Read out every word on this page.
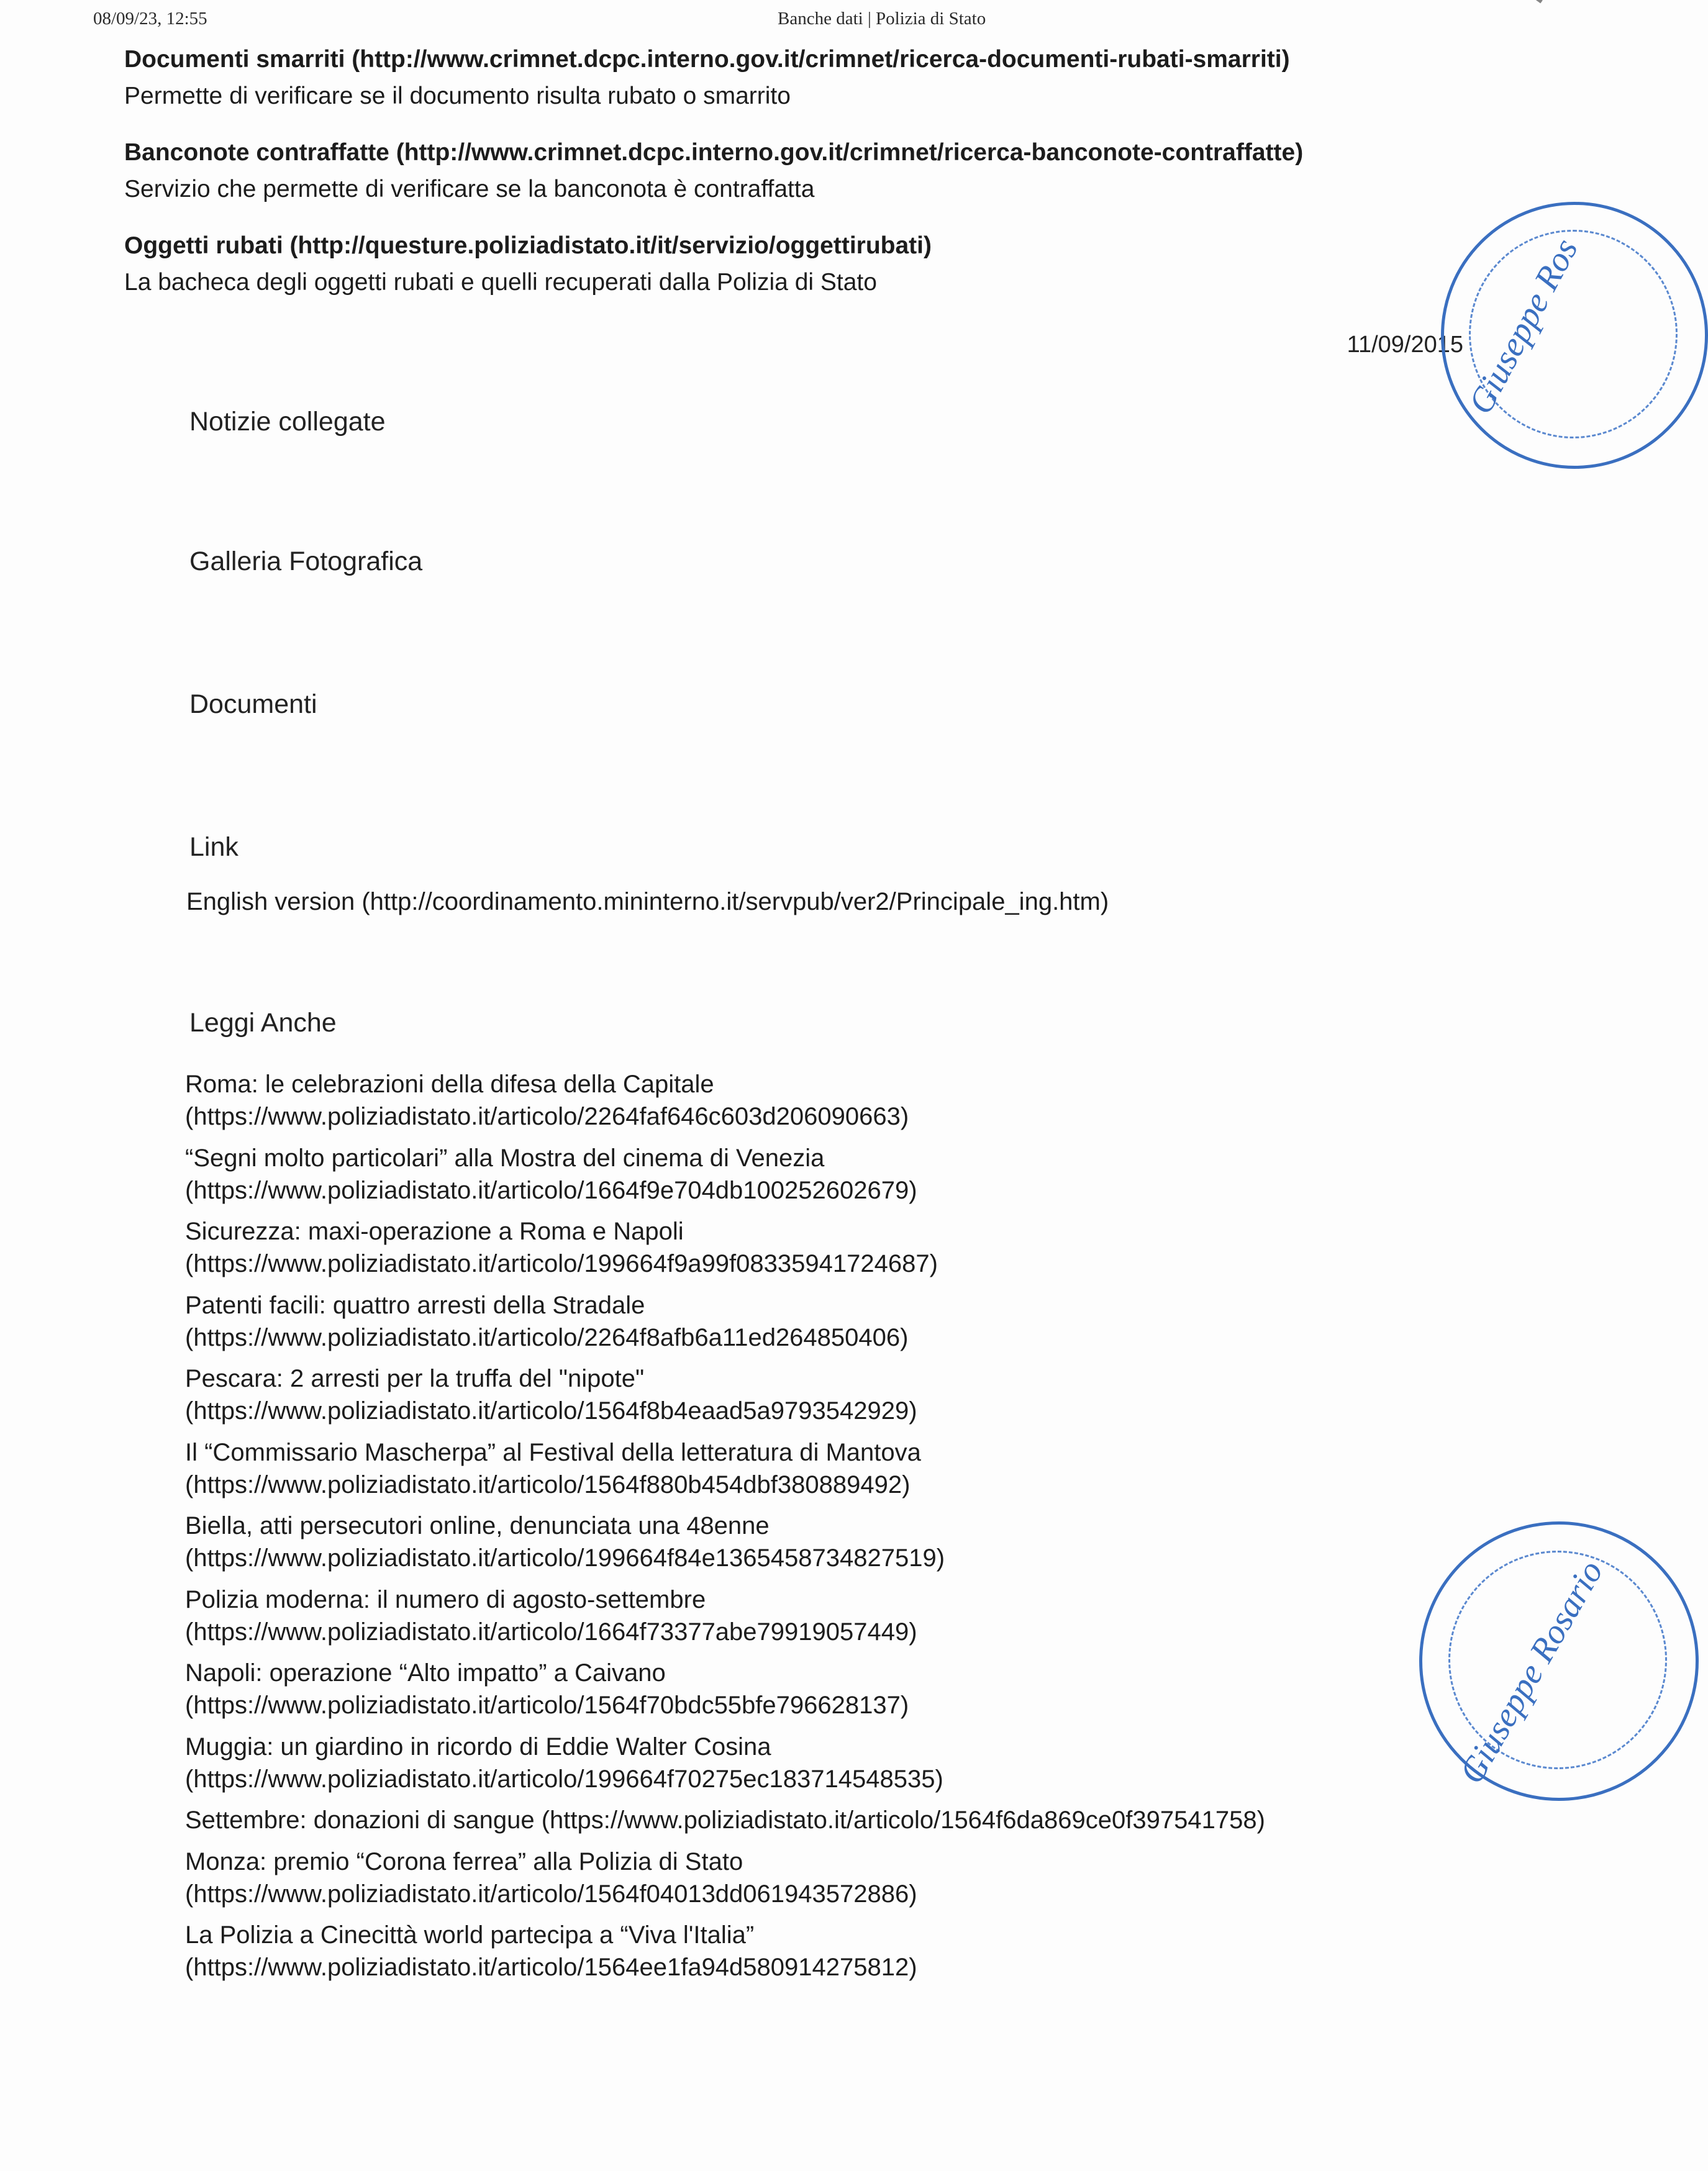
08/09/23, 12:55	Banche dati | Polizia di Stato
Documenti smarriti (http://www.crimnet.dcpc.interno.gov.it/crimnet/ricerca-documenti-rubati-smarriti)
Permette di verificare se il documento risulta rubato o smarrito
Banconote contraffatte (http://www.crimnet.dcpc.interno.gov.it/crimnet/ricerca-banconote-contraffatte)
Servizio che permette di verificare se la banconota è contraffatta
Oggetti rubati (http://questure.poliziadistato.it/it/servizio/oggettirubati)
La bacheca degli oggetti rubati e quelli recuperati dalla Polizia di Stato
11/09/2015
Notizie collegate
Galleria Fotografica
Documenti
Link
English version (http://coordinamento.mininterno.it/servpub/ver2/Principale_ing.htm)
Leggi Anche
Roma: le celebrazioni della difesa della Capitale
(https://www.poliziadistato.it/articolo/2264faf646c603d206090663)
“Segni molto particolari” alla Mostra del cinema di Venezia
(https://www.poliziadistato.it/articolo/1664f9e704db100252602679)
Sicurezza: maxi-operazione a Roma e Napoli
(https://www.poliziadistato.it/articolo/199664f9a99f08335941724687)
Patenti facili: quattro arresti della Stradale
(https://www.poliziadistato.it/articolo/2264f8afb6a11ed264850406)
Pescara: 2 arresti per la truffa del "nipote"
(https://www.poliziadistato.it/articolo/1564f8b4eaad5a9793542929)
Il “Commissario Mascherpa” al Festival della letteratura di Mantova
(https://www.poliziadistato.it/articolo/1564f880b454dbf380889492)
Biella, atti persecutori online, denunciata una 48enne
(https://www.poliziadistato.it/articolo/199664f84e1365458734827519)
Polizia moderna: il numero di agosto-settembre
(https://www.poliziadistato.it/articolo/1664f73377abe79919057449)
Napoli: operazione “Alto impatto” a Caivano
(https://www.poliziadistato.it/articolo/1564f70bdc55bfe796628137)
Muggia: un giardino in ricordo di Eddie Walter Cosina
(https://www.poliziadistato.it/articolo/199664f70275ec183714548535)
Settembre: donazioni di sangue (https://www.poliziadistato.it/articolo/1564f6da869ce0f397541758)
Monza: premio “Corona ferrea” alla Polizia di Stato
(https://www.poliziadistato.it/articolo/1564f04013dd061943572886)
La Polizia a Cinecittà world partecipa a “Viva l'Italia”
(https://www.poliziadistato.it/articolo/1564ee1fa94d580914275812)
Giuseppe Ros
Giuseppe Rosario
